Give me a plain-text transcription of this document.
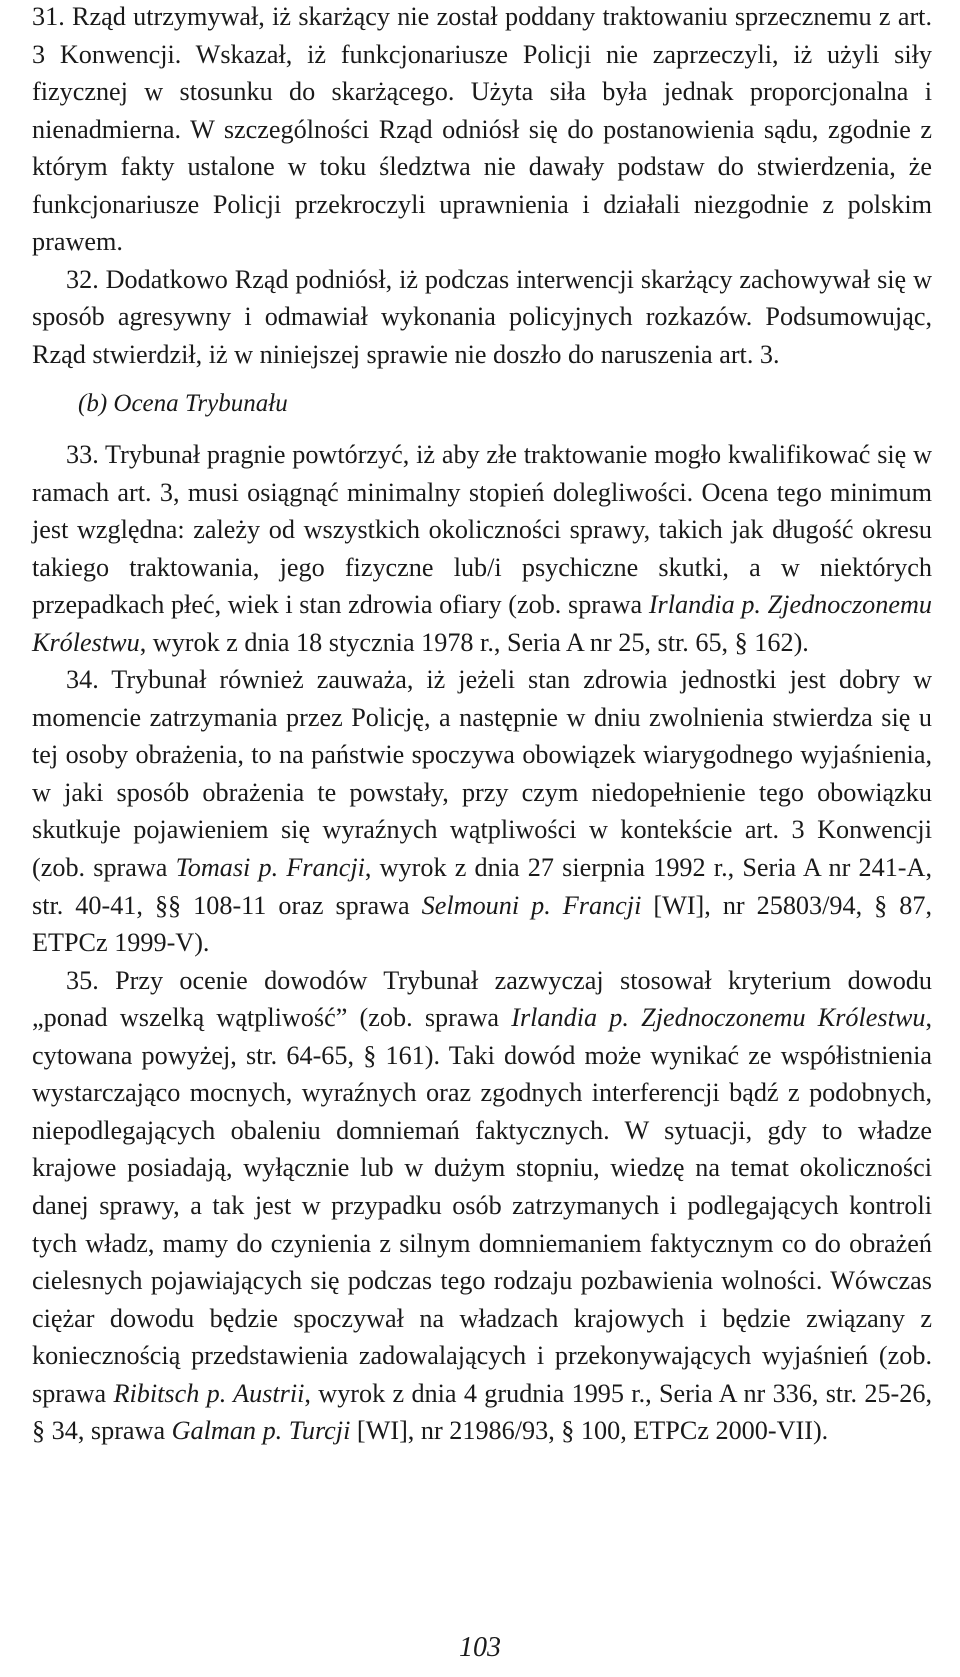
31. Rząd utrzymywał, iż skarżący nie został poddany traktowaniu sprzecznemu z art. 3 Konwencji. Wskazał, iż funkcjonariusze Policji nie zaprzeczyli, iż użyli siły fizycznej w stosunku do skarżącego. Użyta siła była jednak proporcjonalna i nienadmierna. W szczególności Rząd odniósł się do postanowienia sądu, zgodnie z którym fakty ustalone w toku śledztwa nie dawały podstaw do stwierdzenia, że funkcjonariusze Policji przekroczyli uprawnienia i działali niezgodnie z polskim prawem.

32. Dodatkowo Rząd podniósł, iż podczas interwencji skarżący zachowywał się w sposób agresywny i odmawiał wykonania policyjnych rozkazów. Podsumowując, Rząd stwierdził, iż w niniejszej sprawie nie doszło do naruszenia art. 3.

(b) Ocena Trybunału

33. Trybunał pragnie powtórzyć, iż aby złe traktowanie mogło kwalifikować się w ramach art. 3, musi osiągnąć minimalny stopień dolegliwości. Ocena tego minimum jest względna: zależy od wszystkich okoliczności sprawy, takich jak długość okresu takiego traktowania, jego fizyczne lub/i psychiczne skutki, a w niektórych przepadkach płeć, wiek i stan zdrowia ofiary (zob. sprawa Irlandia p. Zjednoczonemu Królestwu, wyrok z dnia 18 stycznia 1978 r., Seria A nr 25, str. 65, § 162).

34. Trybunał również zauważa, iż jeżeli stan zdrowia jednostki jest dobry w momencie zatrzymania przez Policję, a następnie w dniu zwolnienia stwierdza się u tej osoby obrażenia, to na państwie spoczywa obowiązek wiarygodnego wyjaśnienia, w jaki sposób obrażenia te powstały, przy czym niedopełnienie tego obowiązku skutkuje pojawieniem się wyraźnych wątpliwości w kontekście art. 3 Konwencji (zob. sprawa Tomasi p. Francji, wyrok z dnia 27 sierpnia 1992 r., Seria A nr 241-A, str. 40-41, §§ 108-11 oraz sprawa Selmouni p. Francji [WI], nr 25803/94, § 87, ETPCz 1999-V).

35. Przy ocenie dowodów Trybunał zazwyczaj stosował kryterium dowodu „ponad wszelką wątpliwość” (zob. sprawa Irlandia p. Zjednoczonemu Królestwu, cytowana powyżej, str. 64-65, § 161). Taki dowód może wynikać ze współistnienia wystarczająco mocnych, wyraźnych oraz zgodnych interferencji bądź z podobnych, niepodlegających obaleniu domniemań faktycznych. W sytuacji, gdy to władze krajowe posiadają, wyłącznie lub w dużym stopniu, wiedzę na temat okoliczności danej sprawy, a tak jest w przypadku osób zatrzymanych i podlegających kontroli tych władz, mamy do czynienia z silnym domniemaniem faktycznym co do obrażeń cielesnych pojawiających się podczas tego rodzaju pozbawienia wolności. Wówczas ciężar dowodu będzie spoczywał na władzach krajowych i będzie związany z koniecznością przedstawienia zadowalających i przekonywających wyjaśnień (zob. sprawa Ribitsch p. Austrii, wyrok z dnia 4 grudnia 1995 r., Seria A nr 336, str. 25-26, § 34, sprawa Galman p. Turcji [WI], nr 21986/93, § 100, ETPCz 2000-VII).

103
